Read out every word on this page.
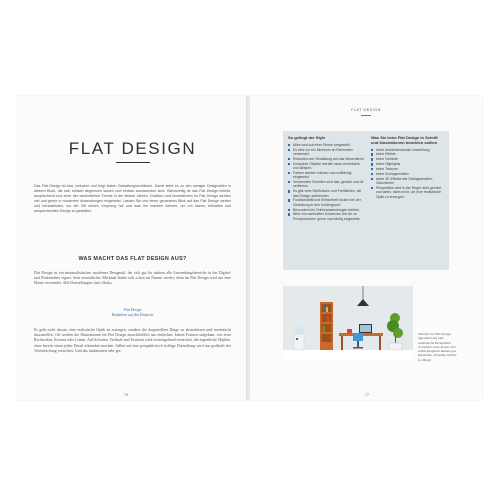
FLAT DESIGN
Das Flat Design ist klar, reduziert und folgt festen Gestaltungsrichtlinien. Damit steht es zu den weniger Designstilen in diesem Buch, die sich einfach abgrenzen lassen und einfach anzuwenden sind. Gleichzeitig ist das Flat Design beliebt, ansprechend und einer der wesentlichen Trends in der letzten Jahren. Grafiken und Illustrationen im Flat Design werden viel und gerne in modernen Anwendungen eingesetzt. Lassen Sie uns einen genaueren Blick auf das Flat Design werfen und herausfinden, wo der Stil seinen Ursprung hat und was ihn machen können, um ein klares, lebhaftes und ansprechendes Design zu gestalten.
WAS MACHT DAS FLAT DESIGN AUS?
Flat Design ist ein minimalistischer, moderner Designstil, der sich gut für nahezu alle Anwendungsbereiche in der Digital- und Printmedien eignet. Sein wesentliches Merkmal findet sich schon im Namen wieder, denn im Flat Design wird nur eine Ebene verwendet. Alle Darstellungen sind »flach«.
Flat Design
Reduktion auf das Einfache
Es geht nicht darum, eine realistische Optik zu erzeugen, sondern die dargestellten Dinge zu abstrahieren und vereinfacht darzustellen. Oft werden die Illustrationen im Flat Design ausschließlich aus einfachen, klaren Formen aufgebaut, wie etwa Rechtecken, Kreisen oder Linien. Auf Schatten, Verläufe und Texturen wird weitestgehend verzichtet, die eigentliche Objekte, ohne bereits einen jeden Detail erkennbar machen. Selbst auf eine perspektivisch richtige Darstellung wird nur großteils der Vereinfachung verzichtet. Und das funktioniert sehr gut.
76
FLAT DESIGN
So gelingt der Style
Alles wird auf einer Ebene dargestellt.
Es wird nur ein Minimum an Elementen verwendet.
Reduktion der Gestaltung auf das Wesentliche.
Komplexe Objekte werden stark vereinfacht und stilisiert.
Farben werden intensiv und vollflächig eingesetzt.
Verwendete Schriften sind klar, gerade und oft serifenlos.
Es gibt viele Weißräume und Freiflächen, die das Design aufbrechen.
Funktionalität und Einfachheit rücken bei der Gestaltung in den Vordergrund.
Besonders bei Onlineanwendungen beliebt.
Wird von namhaften Konzernen bis hin zu Privatpersonen gerne und häufig eingesetzt.
Was Sie beim Flat Design in Schrift und Illustrationen beachten sollten
keine dreidimensionale Darstellung
keine Effekte
keine Verläufe
keine Highlights
keine Texturen
keine Schlagschatten
keine 3D-Effekte wie Schlagschatten, Glanzlichter
Perspektive wird in der Regel nicht genutzt und wenn, dann nicht, um eine realistische Optik zu erzeugen.
Obwohl im Flat Design eigentlich auf eine realistische Perspektive verzichtet wird, lassen sich selbst komplexe Räume gut darstellen. (Fotolia, Olivier Le Moal)
77
